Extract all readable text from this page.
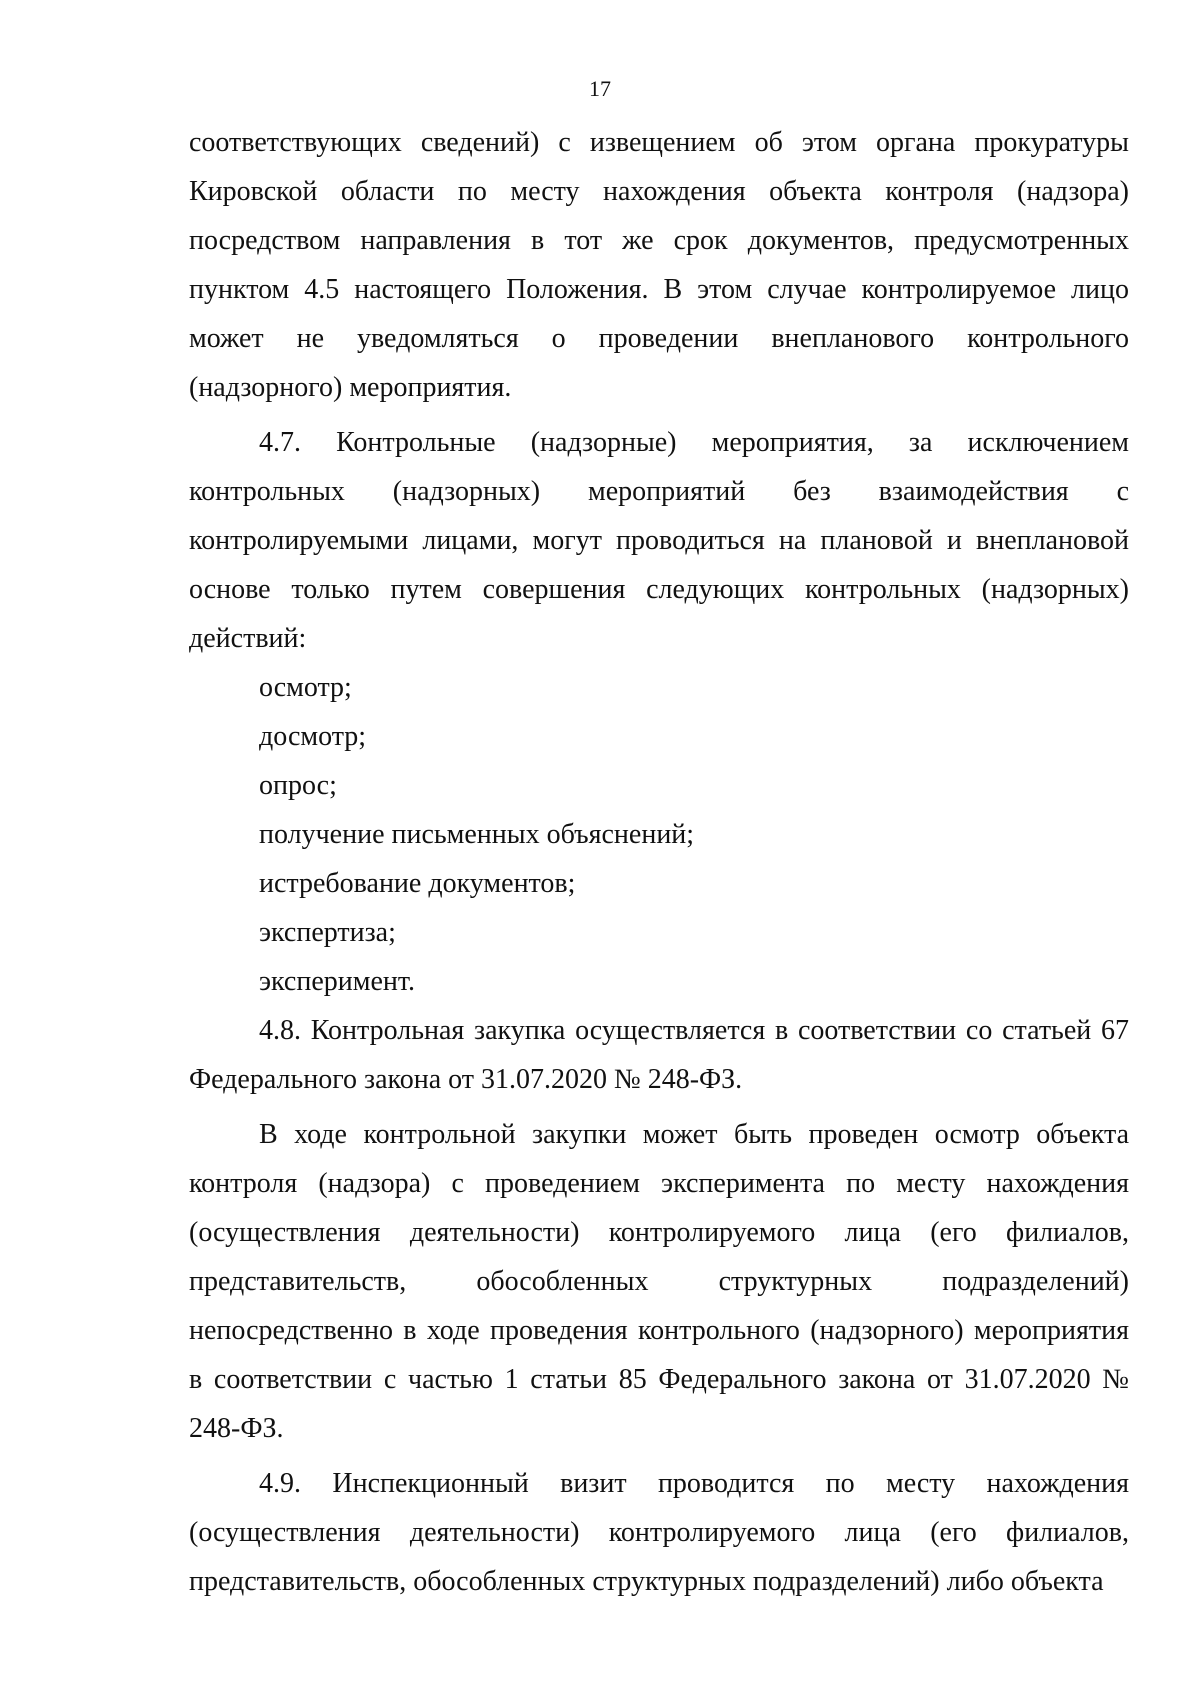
17

соответствующих сведений) с извещением об этом органа прокуратуры Кировской области по месту нахождения объекта контроля (надзора) посредством направления в тот же срок документов, предусмотренных пунктом 4.5 настоящего Положения. В этом случае контролируемое лицо может не уведомляться о проведении внепланового контрольного (надзорного) мероприятия.

4.7. Контрольные (надзорные) мероприятия, за исключением контрольных (надзорных) мероприятий без взаимодействия с контролируемыми лицами, могут проводиться на плановой и внеплановой основе только путем совершения следующих контрольных (надзорных) действий:

осмотр;

досмотр;

опрос;

получение письменных объяснений;

истребование документов;

экспертиза;

эксперимент.

4.8. Контрольная закупка осуществляется в соответствии со статьей 67 Федерального закона от 31.07.2020 № 248-ФЗ.

В ходе контрольной закупки может быть проведен осмотр объекта контроля (надзора) с проведением эксперимента по месту нахождения (осуществления деятельности) контролируемого лица (его филиалов, представительств, обособленных структурных подразделений) непосредственно в ходе проведения контрольного (надзорного) мероприятия в соответствии с частью 1 статьи 85 Федерального закона от 31.07.2020 № 248-ФЗ.

4.9. Инспекционный визит проводится по месту нахождения (осуществления деятельности) контролируемого лица (его филиалов, представительств, обособленных структурных подразделений) либо объекта
